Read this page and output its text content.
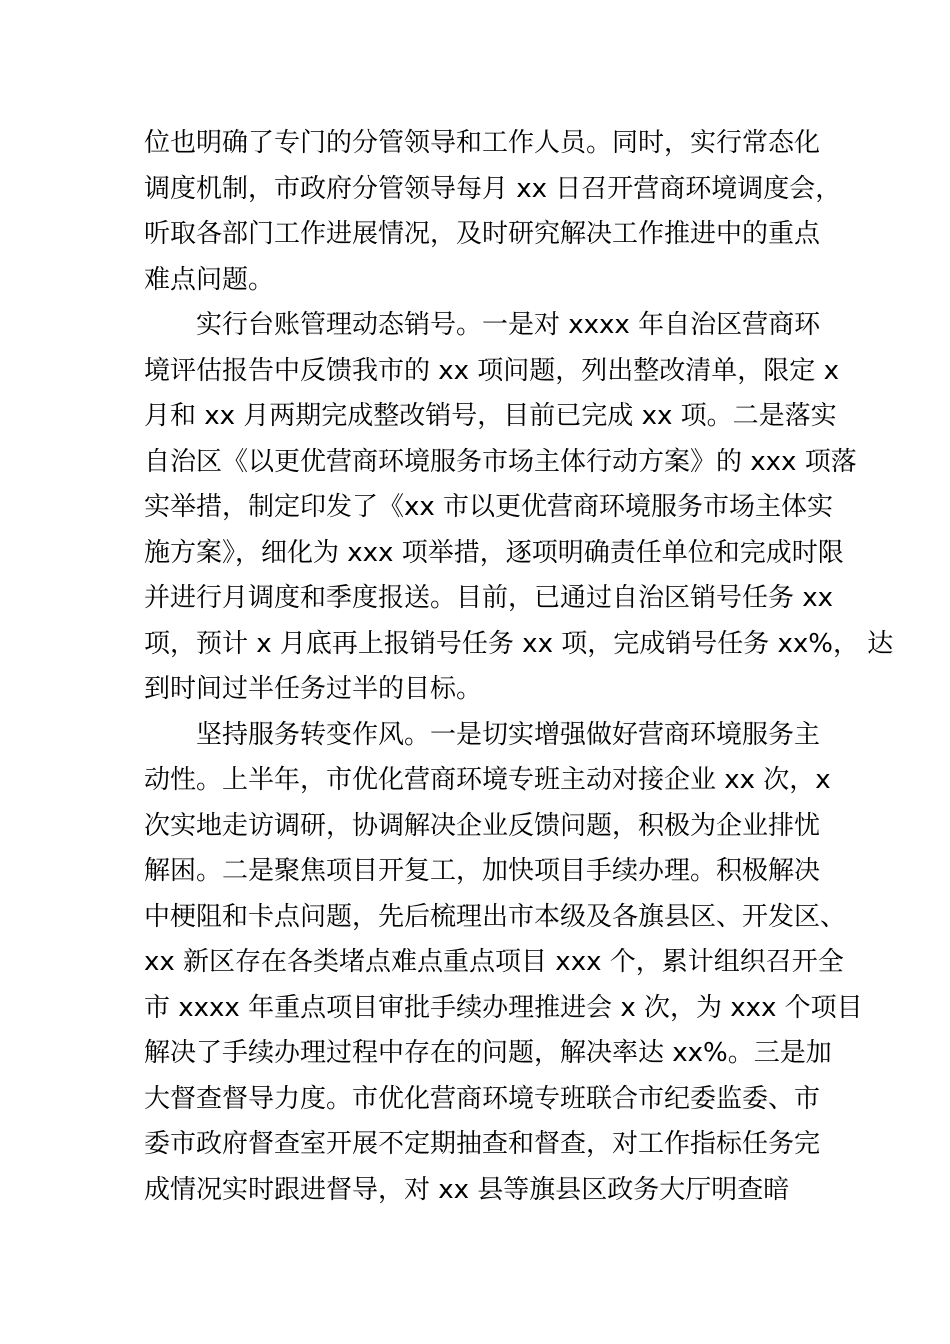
位也明确了专门的分管领导和工作人员。同时，实行常态化
调度机制，市政府分管领导每月 xx 日召开营商环境调度会，
听取各部门工作进展情况，及时研究解决工作推进中的重点
难点问题。

实行台账管理动态销号。一是对 xxxx 年自治区营商环
境评估报告中反馈我市的 xx 项问题，列出整改清单，限定 x
月和 xx 月两期完成整改销号，目前已完成 xx 项。二是落实
自治区《以更优营商环境服务市场主体行动方案》的 xxx 项落
实举措，制定印发了《xx 市以更优营商环境服务市场主体实
施方案》，细化为 xxx 项举措，逐项明确责任单位和完成时限
并进行月调度和季度报送。目前，已通过自治区销号任务 xx
项，预计 x 月底再上报销号任务 xx 项，完成销号任务 xx%， 达
到时间过半任务过半的目标。

坚持服务转变作风。一是切实增强做好营商环境服务主
动性。上半年，市优化营商环境专班主动对接企业 xx 次，x
次实地走访调研，协调解决企业反馈问题，积极为企业排忧
解困。二是聚焦项目开复工，加快项目手续办理。积极解决
中梗阻和卡点问题，先后梳理出市本级及各旗县区、开发区、
xx 新区存在各类堵点难点重点项目 xxx 个，累计组织召开全
市 xxxx 年重点项目审批手续办理推进会 x 次，为 xxx 个项目
解决了手续办理过程中存在的问题，解决率达 xx%。三是加
大督查督导力度。市优化营商环境专班联合市纪委监委、市
委市政府督查室开展不定期抽查和督查，对工作指标任务完
成情况实时跟进督导，对 xx 县等旗县区政务大厅明查暗
